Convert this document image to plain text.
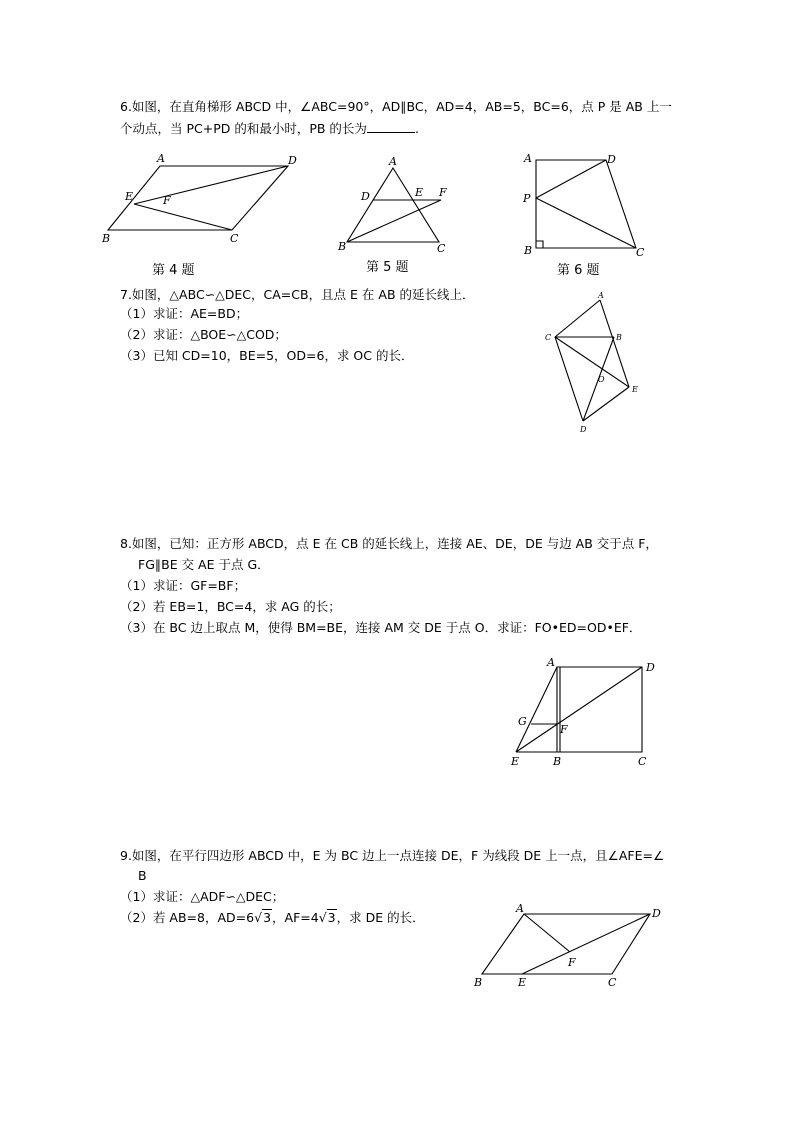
6.如图，在直角梯形 ABCD 中，∠ABC=90°，AD∥BC，AD=4，AB=5，BC=6，点 P 是 AB 上一
个动点，当 PC+PD 的和最小时，PB 的长为	.
A	D
E	F
B	C
第 4 题
A
D	E F
B	C
第 5 题
A	D
P
B	C
第 6 题
7.如图，△ABC∽△DEC，CA=CB，且点 E 在 AB 的延长线上．
（1）求证：AE=BD；
（2）求证：△BOE∽△COD；
（3）已知 CD=10，BE=5，OD=6，求 OC 的长．
A
C	B
O
E
D
8.如图，已知：正方形 ABCD，点 E 在 CB 的延长线上，连接 AE、DE，DE 与边 AB 交于点 F，
FG∥BE 交 AE 于点 G．
（1）求证：GF=BF；
（2）若 EB=1，BC=4，求 AG 的长；
（3）在 BC 边上取点 M，使得 BM=BE，连接 AM 交 DE 于点 O．求证：FO•ED=OD•EF．
A	D
G
F
E	B	C
9.如图，在平行四边形 ABCD 中，E 为 BC 边上一点连接 DE，F 为线段 DE 上一点，且∠AFE=∠
B
（1）求证：△ADF∽△DEC；
（2）若 AB=8，AD=6√3，AF=4√3，求 DE 的长．
A	D
F
B	E	C
